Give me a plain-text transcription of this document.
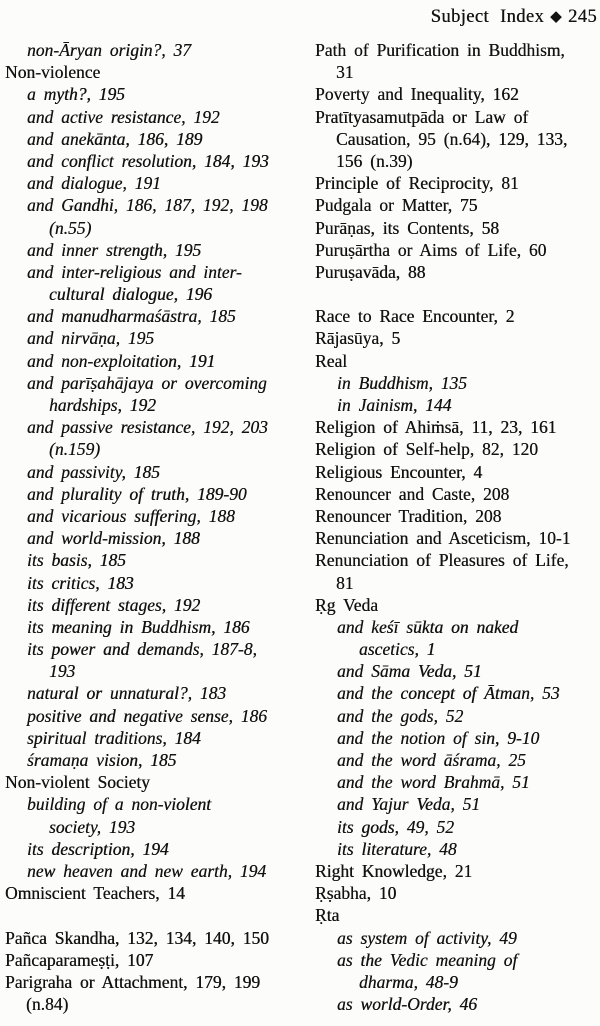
Subject Index ◆ 245
non-Āryan origin?, 37
Non-violence
a myth?, 195
and active resistance, 192
and anekānta, 186, 189
and conflict resolution, 184, 193
and dialogue, 191
and Gandhi, 186, 187, 192, 198
(n.55)
and inner strength, 195
and inter-religious and inter-
cultural dialogue, 196
and manudharmaśāstra, 185
and nirvāṇa, 195
and non-exploitation, 191
and parīṣahājaya or overcoming
hardships, 192
and passive resistance, 192, 203
(n.159)
and passivity, 185
and plurality of truth, 189-90
and vicarious suffering, 188
and world-mission, 188
its basis, 185
its critics, 183
its different stages, 192
its meaning in Buddhism, 186
its power and demands, 187-8,
193
natural or unnatural?, 183
positive and negative sense, 186
spiritual traditions, 184
śramaṇa vision, 185
Non-violent Society
building of a non-violent
society, 193
its description, 194
new heaven and new earth, 194
Omniscient Teachers, 14

Pañca Skandha, 132, 134, 140, 150
Pañcaparameṣṭi, 107
Parigraha or Attachment, 179, 199
(n.84)
Path of Purification in Buddhism,
31
Poverty and Inequality, 162
Pratītyasamutpāda or Law of
Causation, 95 (n.64), 129, 133,
156 (n.39)
Principle of Reciprocity, 81
Pudgala or Matter, 75
Purāṇas, its Contents, 58
Puruṣārtha or Aims of Life, 60
Puruṣavāda, 88

Race to Race Encounter, 2
Rājasūya, 5
Real
in Buddhism, 135
in Jainism, 144
Religion of Ahiṁsā, 11, 23, 161
Religion of Self-help, 82, 120
Religious Encounter, 4
Renouncer and Caste, 208
Renouncer Tradition, 208
Renunciation and Asceticism, 10-1
Renunciation of Pleasures of Life,
81
Ṛg Veda
and keśī sūkta on naked
ascetics, 1
and Sāma Veda, 51
and the concept of Ātman, 53
and the gods, 52
and the notion of sin, 9-10
and the word āśrama, 25
and the word Brahmā, 51
and Yajur Veda, 51
its gods, 49, 52
its literature, 48
Right Knowledge, 21
Ṛṣabha, 10
Ṛta
as system of activity, 49
as the Vedic meaning of
dharma, 48-9
as world-Order, 46
